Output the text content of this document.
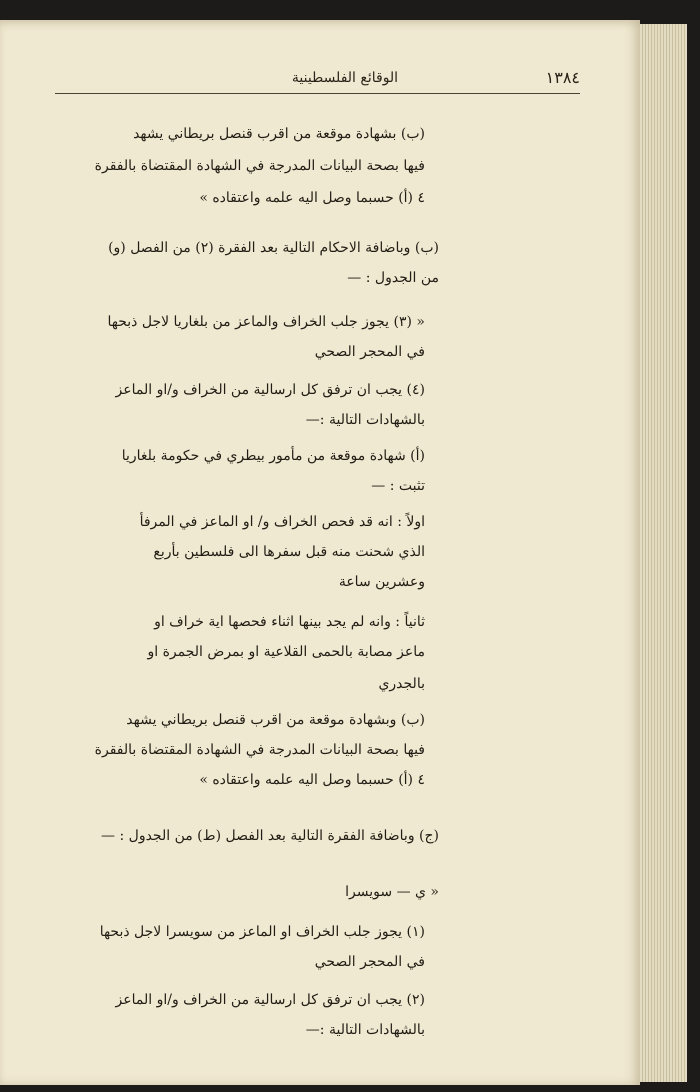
الوقائع الفلسطينية	١٣٨٤
(ب) بشهادة موقعة من اقرب قنصل بريطاني يشهد
فيها بصحة البيانات المدرجة في الشهادة المقتضاة بالفقرة
٤ (أ) حسبما وصل اليه علمه واعتقاده »
(ب) وباضافة الاحكام التالية بعد الفقرة (٢) من الفصل (و)
من الجدول : —
« (٣) يجوز جلب الخراف والماعز من بلغاريا لاجل ذبحها
في المحجر الصحي
(٤) يجب ان ترفق كل ارسالية من الخراف و/او الماعز
بالشهادات التالية :—
(أ) شهادة موقعة من مأمور بيطري في حكومة بلغاريا
تثبت : —
اولاً : انه قد فحص الخراف و/ او الماعز في المرفأ
الذي شحنت منه قبل سفرها الى فلسطين بأربع
وعشرين ساعة
ثانياً : وانه لم يجد بينها اثناء فحصها اية خراف او
ماعز مصابة بالحمى القلاعية او بمرض الجمرة او
بالجدري
(ب) وبشهادة موقعة من اقرب قنصل بريطاني يشهد
فيها بصحة البيانات المدرجة في الشهادة المقتضاة بالفقرة
٤ (أ) حسبما وصل اليه علمه واعتقاده »
(ج) وباضافة الفقرة التالية بعد الفصل (ط) من الجدول : —
« ي — سويسرا
(١) يجوز جلب الخراف او الماعز من سويسرا لاجل ذبحها
في المحجر الصحي
(٢) يجب ان ترفق كل ارسالية من الخراف و/او الماعز
بالشهادات التالية :—
